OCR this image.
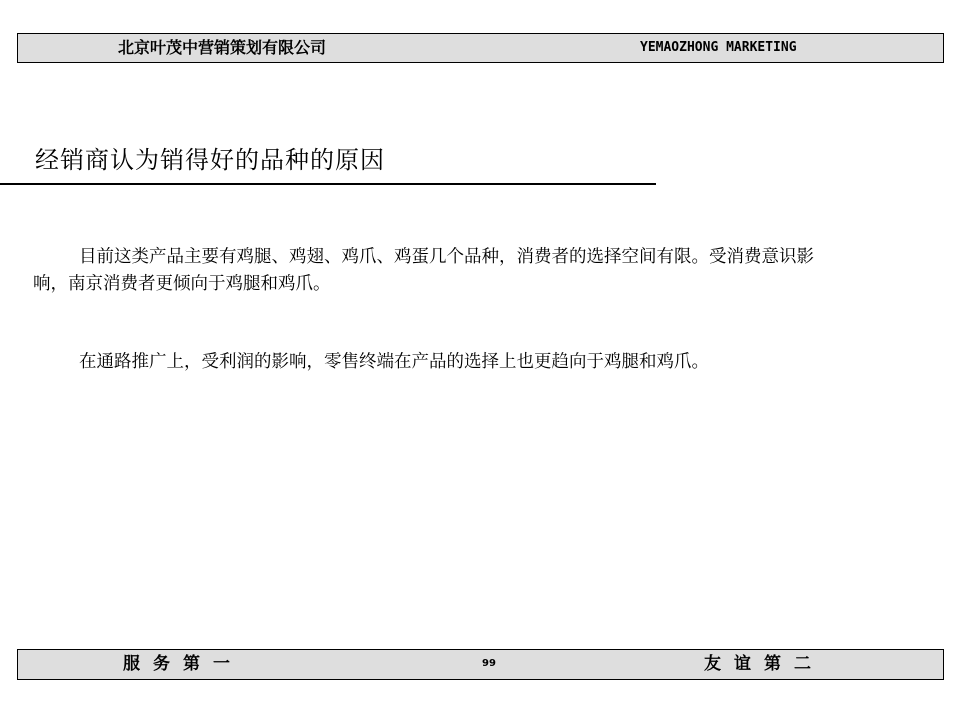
北京叶茂中营销策划有限公司	YEMAOZHONG MARKETING
经销商认为销得好的品种的原因

目前这类产品主要有鸡腿、鸡翅、鸡爪、鸡蛋几个品种，消费者的选择空间有限。受消费意识影响，南京消费者更倾向于鸡腿和鸡爪。

在通路推广上，受利润的影响，零售终端在产品的选择上也更趋向于鸡腿和鸡爪。

服务第一	99	友谊第二
